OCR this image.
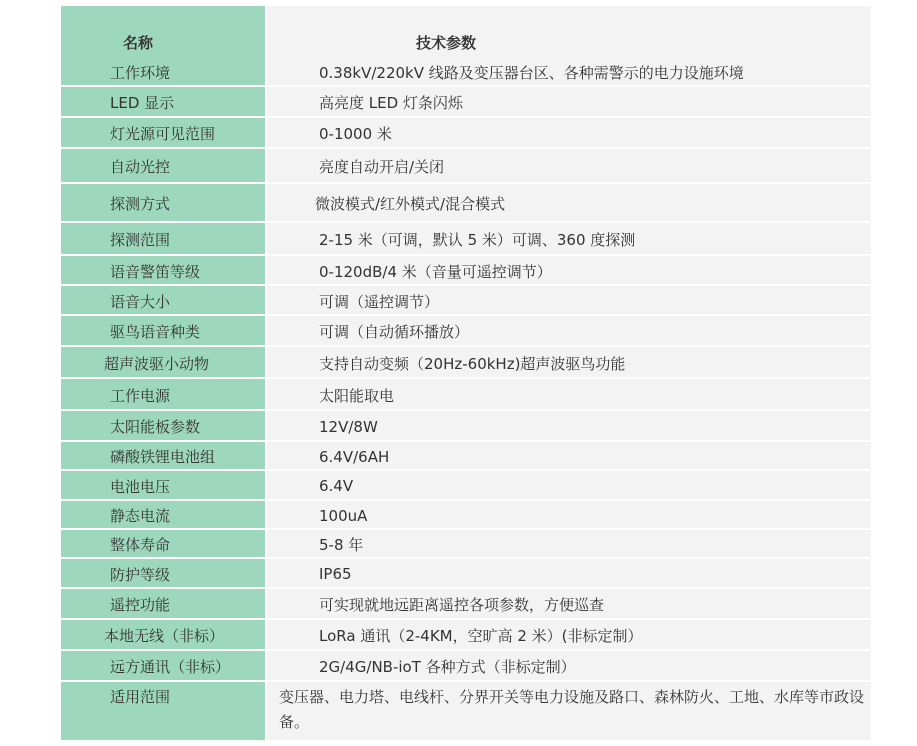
名称	技术参数
工作环境	0.38kV/220kV 线路及变压器台区、各种需警示的电力设施环境
LED 显示	高亮度 LED 灯条闪烁
灯光源可见范围	0-1000 米
自动光控	亮度自动开启/关闭
探测方式	微波模式/红外模式/混合模式
探测范围	2-15 米（可调，默认 5 米）可调、360 度探测
语音警笛等级	0-120dB/4 米（音量可遥控调节）
语音大小	可调（遥控调节）
驱鸟语音种类	可调（自动循环播放）
超声波驱小动物	支持自动变频（20Hz-60kHz)超声波驱鸟功能
工作电源	太阳能取电
太阳能板参数	12V/8W
磷酸铁锂电池组	6.4V/6AH
电池电压	6.4V
静态电流	100uA
整体寿命	5-8 年
防护等级	IP65
遥控功能	可实现就地远距离遥控各项参数，方便巡查
本地无线（非标）	LoRa 通讯（2-4KM，空旷高 2 米）(非标定制）
远方通讯（非标）	2G/4G/NB-ioT 各种方式（非标定制）
适用范围	变压器、电力塔、电线杆、分界开关等电力设施及路口、森林防火、工地、水库等市政设备。
